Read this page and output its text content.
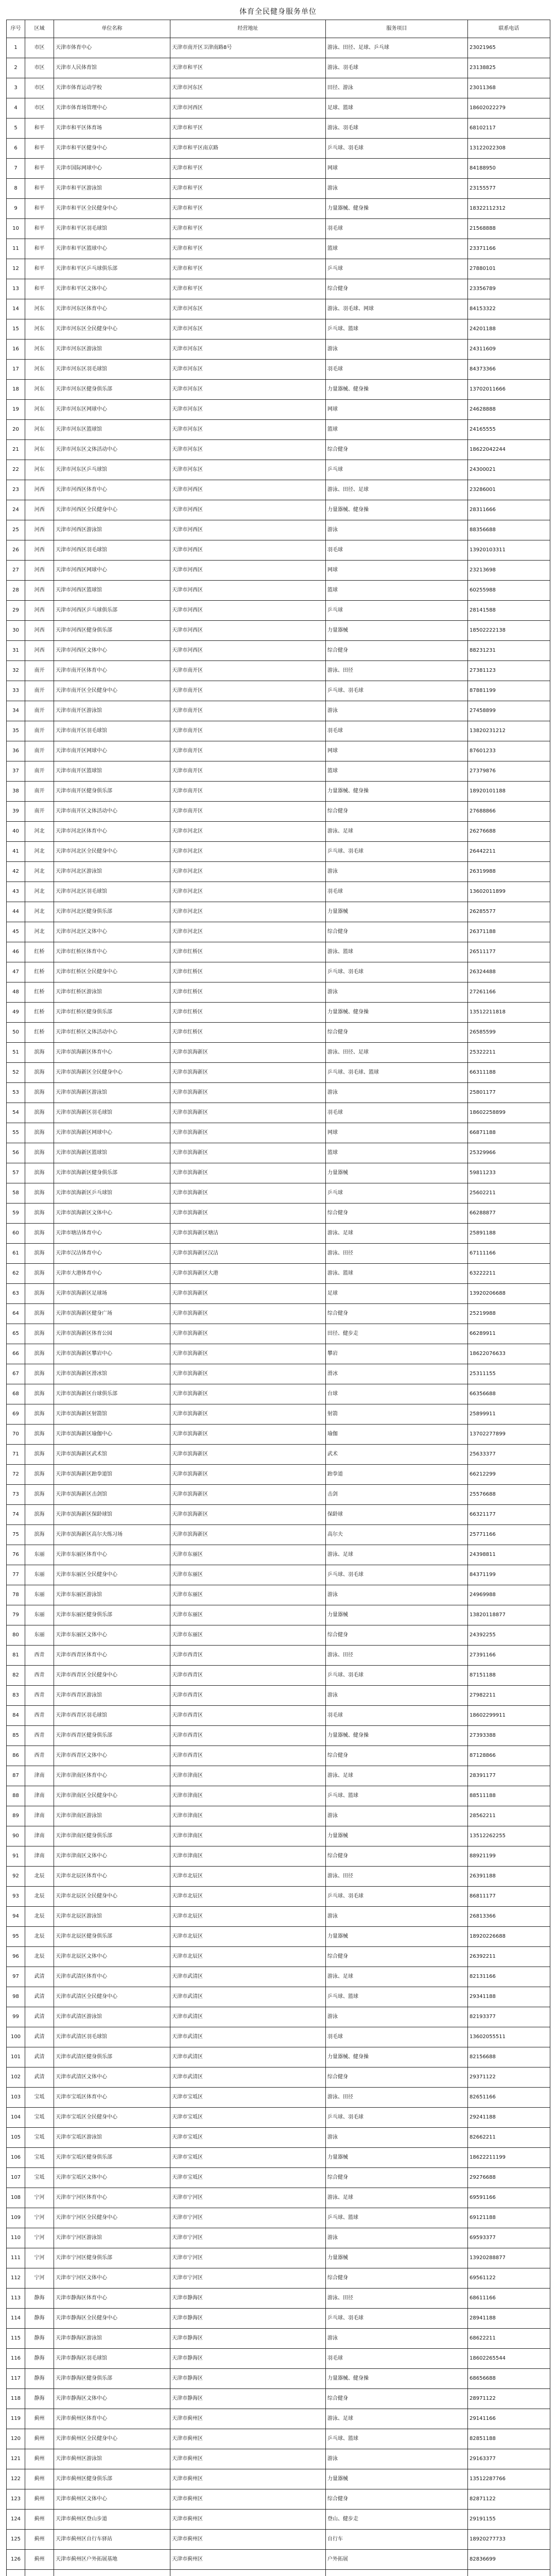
体育全民健身服务单位
序号	区域	单位名称	经营地址	服务项目	联系电话
1	市区	天津市体育中心	天津市南开区卫津南路8号	游泳、田径、足球、乒乓球	23021965
2	市区	天津市人民体育馆	天津市和平区	游泳、羽毛球	23138825
3	市区	天津市体育运动学校	天津市河东区	田径、游泳	23011368
4	市区	天津市体育场管理中心	天津市河西区	足球、篮球	18602022279
5	和平	天津市和平区体育场	天津市和平区	游泳、羽毛球	68102117
6	和平	天津市和平区健身中心	天津市和平区南京路	乒乓球、羽毛球	13122022308
7	和平	天津市国际网球中心	天津市和平区	网球	84188950
8	和平	天津市和平区游泳馆	天津市和平区	游泳	23155577
9	和平	天津市和平区全民健身中心	天津市和平区	力量器械、健身操	18322112312
10	和平	天津市和平区羽毛球馆	天津市和平区	羽毛球	21568888
11	和平	天津市和平区篮球中心	天津市和平区	篮球	23371166
12	和平	天津市和平区乒乓球俱乐部	天津市和平区	乒乓球	27880101
13	和平	天津市和平区文体中心	天津市和平区	综合健身	23356789
14	河东	天津市河东区体育中心	天津市河东区	游泳、羽毛球、网球	84153322
15	河东	天津市河东区全民健身中心	天津市河东区	乒乓球、篮球	24201188
16	河东	天津市河东区游泳馆	天津市河东区	游泳	24311609
17	河东	天津市河东区羽毛球馆	天津市河东区	羽毛球	84373366
18	河东	天津市河东区健身俱乐部	天津市河东区	力量器械、健身操	13702011666
19	河东	天津市河东区网球中心	天津市河东区	网球	24628888
20	河东	天津市河东区篮球馆	天津市河东区	篮球	24165555
21	河东	天津市河东区文体活动中心	天津市河东区	综合健身	18622042244
22	河东	天津市河东区乒乓球馆	天津市河东区	乒乓球	24300021
23	河西	天津市河西区体育中心	天津市河西区	游泳、田径、足球	23286001
24	河西	天津市河西区全民健身中心	天津市河西区	力量器械、健身操	28311666
25	河西	天津市河西区游泳馆	天津市河西区	游泳	88356688
26	河西	天津市河西区羽毛球馆	天津市河西区	羽毛球	13920103311
27	河西	天津市河西区网球中心	天津市河西区	网球	23213698
28	河西	天津市河西区篮球馆	天津市河西区	篮球	60255988
29	河西	天津市河西区乒乓球俱乐部	天津市河西区	乒乓球	28141588
30	河西	天津市河西区健身俱乐部	天津市河西区	力量器械	18502222138
31	河西	天津市河西区文体中心	天津市河西区	综合健身	88231231
32	南开	天津市南开区体育中心	天津市南开区	游泳、田径	27381123
33	南开	天津市南开区全民健身中心	天津市南开区	乒乓球、羽毛球	87881199
34	南开	天津市南开区游泳馆	天津市南开区	游泳	27458899
35	南开	天津市南开区羽毛球馆	天津市南开区	羽毛球	13820231212
36	南开	天津市南开区网球中心	天津市南开区	网球	87601233
37	南开	天津市南开区篮球馆	天津市南开区	篮球	27379876
38	南开	天津市南开区健身俱乐部	天津市南开区	力量器械、健身操	18920101188
39	南开	天津市南开区文体活动中心	天津市南开区	综合健身	27688866
40	河北	天津市河北区体育中心	天津市河北区	游泳、足球	26276688
41	河北	天津市河北区全民健身中心	天津市河北区	乒乓球、羽毛球	26442211
42	河北	天津市河北区游泳馆	天津市河北区	游泳	26319988
43	河北	天津市河北区羽毛球馆	天津市河北区	羽毛球	13602011899
44	河北	天津市河北区健身俱乐部	天津市河北区	力量器械	26285577
45	河北	天津市河北区文体中心	天津市河北区	综合健身	26371188
46	红桥	天津市红桥区体育中心	天津市红桥区	游泳、篮球	26511177
47	红桥	天津市红桥区全民健身中心	天津市红桥区	乒乓球、羽毛球	26324488
48	红桥	天津市红桥区游泳馆	天津市红桥区	游泳	27261166
49	红桥	天津市红桥区健身俱乐部	天津市红桥区	力量器械、健身操	13512211818
50	红桥	天津市红桥区文体活动中心	天津市红桥区	综合健身	26585599
51	滨海	天津市滨海新区体育中心	天津市滨海新区	游泳、田径、足球	25322211
52	滨海	天津市滨海新区全民健身中心	天津市滨海新区	乒乓球、羽毛球、篮球	66311188
53	滨海	天津市滨海新区游泳馆	天津市滨海新区	游泳	25801177
54	滨海	天津市滨海新区羽毛球馆	天津市滨海新区	羽毛球	18602258899
55	滨海	天津市滨海新区网球中心	天津市滨海新区	网球	66871188
56	滨海	天津市滨海新区篮球馆	天津市滨海新区	篮球	25329966
57	滨海	天津市滨海新区健身俱乐部	天津市滨海新区	力量器械	59811233
58	滨海	天津市滨海新区乒乓球馆	天津市滨海新区	乒乓球	25602211
59	滨海	天津市滨海新区文体中心	天津市滨海新区	综合健身	66288877
60	滨海	天津市塘沽体育中心	天津市滨海新区塘沽	游泳、足球	25891188
61	滨海	天津市汉沽体育中心	天津市滨海新区汉沽	游泳、田径	67111166
62	滨海	天津市大港体育中心	天津市滨海新区大港	游泳、篮球	63222211
63	滨海	天津市滨海新区足球场	天津市滨海新区	足球	13920206688
64	滨海	天津市滨海新区健身广场	天津市滨海新区	综合健身	25219988
65	滨海	天津市滨海新区体育公园	天津市滨海新区	田径、健步走	66289911
66	滨海	天津市滨海新区攀岩中心	天津市滨海新区	攀岩	18622076633
67	滨海	天津市滨海新区滑冰馆	天津市滨海新区	滑冰	25311155
68	滨海	天津市滨海新区台球俱乐部	天津市滨海新区	台球	66356688
69	滨海	天津市滨海新区射箭馆	天津市滨海新区	射箭	25899911
70	滨海	天津市滨海新区瑜伽中心	天津市滨海新区	瑜伽	13702277899
71	滨海	天津市滨海新区武术馆	天津市滨海新区	武术	25633377
72	滨海	天津市滨海新区跆拳道馆	天津市滨海新区	跆拳道	66212299
73	滨海	天津市滨海新区击剑馆	天津市滨海新区	击剑	25576688
74	滨海	天津市滨海新区保龄球馆	天津市滨海新区	保龄球	66321177
75	滨海	天津市滨海新区高尔夫练习场	天津市滨海新区	高尔夫	25771166
76	东丽	天津市东丽区体育中心	天津市东丽区	游泳、足球	24398811
77	东丽	天津市东丽区全民健身中心	天津市东丽区	乒乓球、羽毛球	84371199
78	东丽	天津市东丽区游泳馆	天津市东丽区	游泳	24969988
79	东丽	天津市东丽区健身俱乐部	天津市东丽区	力量器械	13820118877
80	东丽	天津市东丽区文体中心	天津市东丽区	综合健身	24392255
81	西青	天津市西青区体育中心	天津市西青区	游泳、田径	27391166
82	西青	天津市西青区全民健身中心	天津市西青区	乒乓球、羽毛球	87151188
83	西青	天津市西青区游泳馆	天津市西青区	游泳	27982211
84	西青	天津市西青区羽毛球馆	天津市西青区	羽毛球	18602299911
85	西青	天津市西青区健身俱乐部	天津市西青区	力量器械、健身操	27393388
86	西青	天津市西青区文体中心	天津市西青区	综合健身	87128866
87	津南	天津市津南区体育中心	天津市津南区	游泳、足球	28391177
88	津南	天津市津南区全民健身中心	天津市津南区	乒乓球、篮球	88511188
89	津南	天津市津南区游泳馆	天津市津南区	游泳	28562211
90	津南	天津市津南区健身俱乐部	天津市津南区	力量器械	13512262255
91	津南	天津市津南区文体中心	天津市津南区	综合健身	88921199
92	北辰	天津市北辰区体育中心	天津市北辰区	游泳、田径	26391188
93	北辰	天津市北辰区全民健身中心	天津市北辰区	乒乓球、羽毛球	86811177
94	北辰	天津市北辰区游泳馆	天津市北辰区	游泳	26813366
95	北辰	天津市北辰区健身俱乐部	天津市北辰区	力量器械	18920226688
96	北辰	天津市北辰区文体中心	天津市北辰区	综合健身	26392211
97	武清	天津市武清区体育中心	天津市武清区	游泳、足球	82131166
98	武清	天津市武清区全民健身中心	天津市武清区	乒乓球、篮球	29341188
99	武清	天津市武清区游泳馆	天津市武清区	游泳	82193377
100	武清	天津市武清区羽毛球馆	天津市武清区	羽毛球	13602055511
101	武清	天津市武清区健身俱乐部	天津市武清区	力量器械、健身操	82156688
102	武清	天津市武清区文体中心	天津市武清区	综合健身	29371122
103	宝坻	天津市宝坻区体育中心	天津市宝坻区	游泳、田径	82651166
104	宝坻	天津市宝坻区全民健身中心	天津市宝坻区	乒乓球、羽毛球	29241188
105	宝坻	天津市宝坻区游泳馆	天津市宝坻区	游泳	82662211
106	宝坻	天津市宝坻区健身俱乐部	天津市宝坻区	力量器械	18622211199
107	宝坻	天津市宝坻区文体中心	天津市宝坻区	综合健身	29276688
108	宁河	天津市宁河区体育中心	天津市宁河区	游泳、足球	69591166
109	宁河	天津市宁河区全民健身中心	天津市宁河区	乒乓球、篮球	69121188
110	宁河	天津市宁河区游泳馆	天津市宁河区	游泳	69593377
111	宁河	天津市宁河区健身俱乐部	天津市宁河区	力量器械	13920288877
112	宁河	天津市宁河区文体中心	天津市宁河区	综合健身	69561122
113	静海	天津市静海区体育中心	天津市静海区	游泳、田径	68611166
114	静海	天津市静海区全民健身中心	天津市静海区	乒乓球、羽毛球	28941188
115	静海	天津市静海区游泳馆	天津市静海区	游泳	68622211
116	静海	天津市静海区羽毛球馆	天津市静海区	羽毛球	18602265544
117	静海	天津市静海区健身俱乐部	天津市静海区	力量器械、健身操	68656688
118	静海	天津市静海区文体中心	天津市静海区	综合健身	28971122
119	蓟州	天津市蓟州区体育中心	天津市蓟州区	游泳、足球	29141166
120	蓟州	天津市蓟州区全民健身中心	天津市蓟州区	乒乓球、篮球	82851188
121	蓟州	天津市蓟州区游泳馆	天津市蓟州区	游泳	29163377
122	蓟州	天津市蓟州区健身俱乐部	天津市蓟州区	力量器械	13512287766
123	蓟州	天津市蓟州区文体中心	天津市蓟州区	综合健身	82871122
124	蓟州	天津市蓟州区登山步道	天津市蓟州区	登山、健步走	29191155
125	蓟州	天津市蓟州区自行车驿站	天津市蓟州区	自行车	18920277733
126	蓟州	天津市蓟州区户外拓展基地	天津市蓟州区	户外拓展	82836699
